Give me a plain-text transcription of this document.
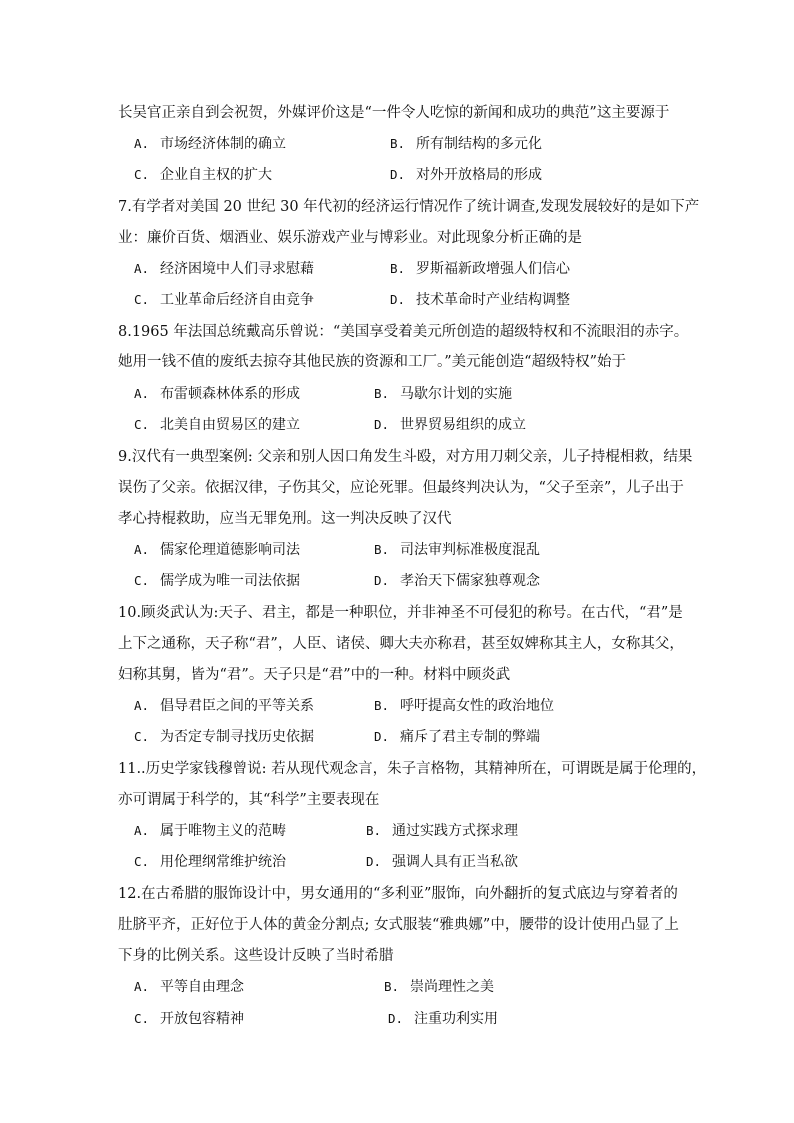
长吴官正亲自到会祝贺，外媒评价这是“一件令人吃惊的新闻和成功的典范”这主要源于
A. 市场经济体制的确立	B. 所有制结构的多元化
C. 企业自主权的扩大	D. 对外开放格局的形成
7.有学者对美国 20 世纪 30 年代初的经济运行情况作了统计调查,发现发展较好的是如下产
业：廉价百货、烟酒业、娱乐游戏产业与博彩业。对此现象分析正确的是
A. 经济困境中人们寻求慰藉	B. 罗斯福新政增强人们信心
C. 工业革命后经济自由竞争	D. 技术革命时产业结构调整
8.1965 年法国总统戴高乐曾说：“美国享受着美元所创造的超级特权和不流眼泪的赤字。
她用一钱不值的废纸去掠夺其他民族的资源和工厂。”美元能创造“超级特权”始于
A. 布雷顿森林体系的形成	B. 马歇尔计划的实施
C. 北美自由贸易区的建立	D. 世界贸易组织的成立
9.汉代有一典型案例: 父亲和别人因口角发生斗殴，对方用刀刺父亲，儿子持棍相救，结果
误伤了父亲。依据汉律，子伤其父，应论死罪。但最终判决认为，“父子至亲”，儿子出于
孝心持棍救助，应当无罪免刑。这一判决反映了汉代
A. 儒家伦理道德影响司法	B. 司法审判标准极度混乱
C. 儒学成为唯一司法依据	D. 孝治天下儒家独尊观念
10.顾炎武认为:天子、君主，都是一种职位，并非神圣不可侵犯的称号。在古代，“君”是
上下之通称，天子称“君”，人臣、诸侯、卿大夫亦称君，甚至奴婢称其主人，女称其父，
妇称其舅，皆为“君”。天子只是“君”中的一种。材料中顾炎武
A. 倡导君臣之间的平等关系	B. 呼吁提高女性的政治地位
C. 为否定专制寻找历史依据	D. 痛斥了君主专制的弊端
11..历史学家钱穆曾说: 若从现代观念言，朱子言格物，其精神所在，可谓既是属于伦理的，
亦可谓属于科学的，其“科学”主要表现在
A. 属于唯物主义的范畴	B. 通过实践方式探求理
C. 用伦理纲常维护统治	D. 强调人具有正当私欲
12.在古希腊的服饰设计中，男女通用的“多利亚”服饰，向外翻折的复式底边与穿着者的
肚脐平齐，正好位于人体的黄金分割点; 女式服装“雅典娜”中，腰带的设计使用凸显了上
下身的比例关系。这些设计反映了当时希腊
A. 平等自由理念	B. 崇尚理性之美
C. 开放包容精神	D. 注重功利实用
